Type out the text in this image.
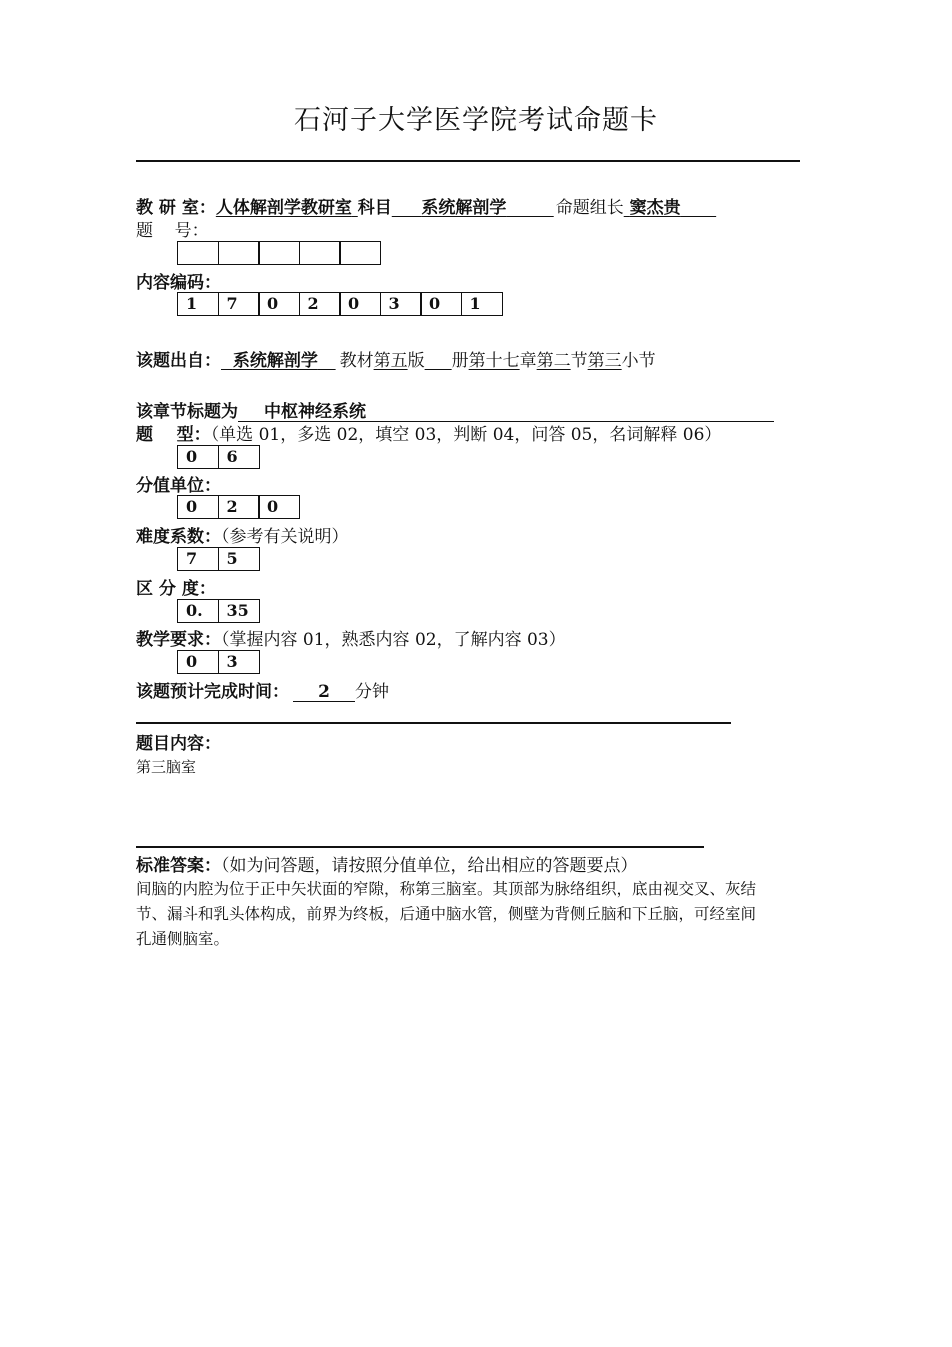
石河子大学医学院考试命题卡
教 研 室：人体解剖学教研室 科目 系统解剖学	命题组长 窦杰贵
题    号：
内容编码：
1	7	0	2	0	3	0	1
该题出自： 系统解剖学 教材第五版 册第十七章第二节第三小节
该章节标题为 中枢神经系统
题    型：（单选 01，多选 02，填空 03，判断 04，问答 05，名词解释 06）
0	6
分值单位：
0	2	0
难度系数：（参考有关说明）
7	5
区 分 度：
0.	35
教学要求：（掌握内容 01，熟悉内容 02，了解内容 03）
0	3
该题预计完成时间： 2 分钟
题目内容：
第三脑室
标准答案：（如为问答题，请按照分值单位，给出相应的答题要点）
间脑的内腔为位于正中矢状面的窄隙，称第三脑室。其顶部为脉络组织，底由视交叉、灰结
节、漏斗和乳头体构成，前界为终板，后通中脑水管，侧壁为背侧丘脑和下丘脑，可经室间
孔通侧脑室。
